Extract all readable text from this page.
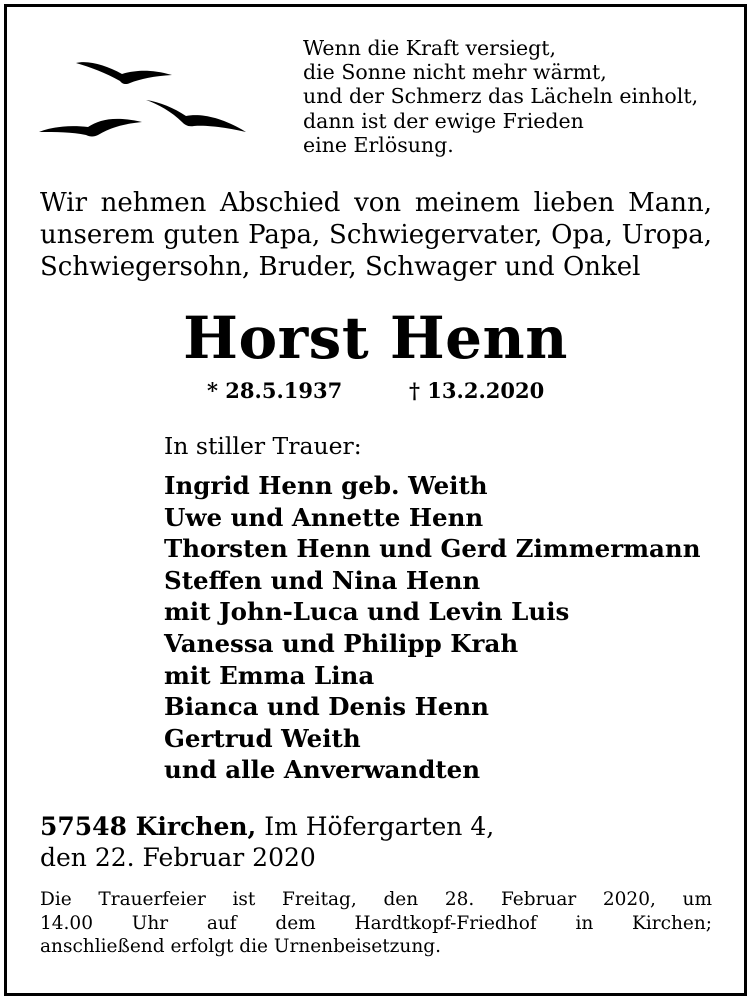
Wenn die Kraft versiegt,
die Sonne nicht mehr wärmt,
und der Schmerz das Lächeln einholt,
dann ist der ewige Frieden
eine Erlösung.
Wir nehmen Abschied von meinem lieben Mann,
unserem guten Papa, Schwiegervater, Opa, Uropa,
Schwiegersohn, Bruder, Schwager und Onkel
Horst Henn
* 28.5.1937	† 13.2.2020
In stiller Trauer:
Ingrid Henn geb. Weith
Uwe und Annette Henn
Thorsten Henn und Gerd Zimmermann
Steffen und Nina Henn
mit John-Luca und Levin Luis
Vanessa und Philipp Krah
mit Emma Lina
Bianca und Denis Henn
Gertrud Weith
und alle Anverwandten
57548 Kirchen, Im Höfergarten 4,
den 22. Februar 2020
Die Trauerfeier ist Freitag, den 28. Februar 2020, um
14.00 Uhr auf dem Hardtkopf-Friedhof in Kirchen;
anschließend erfolgt die Urnenbeisetzung.
